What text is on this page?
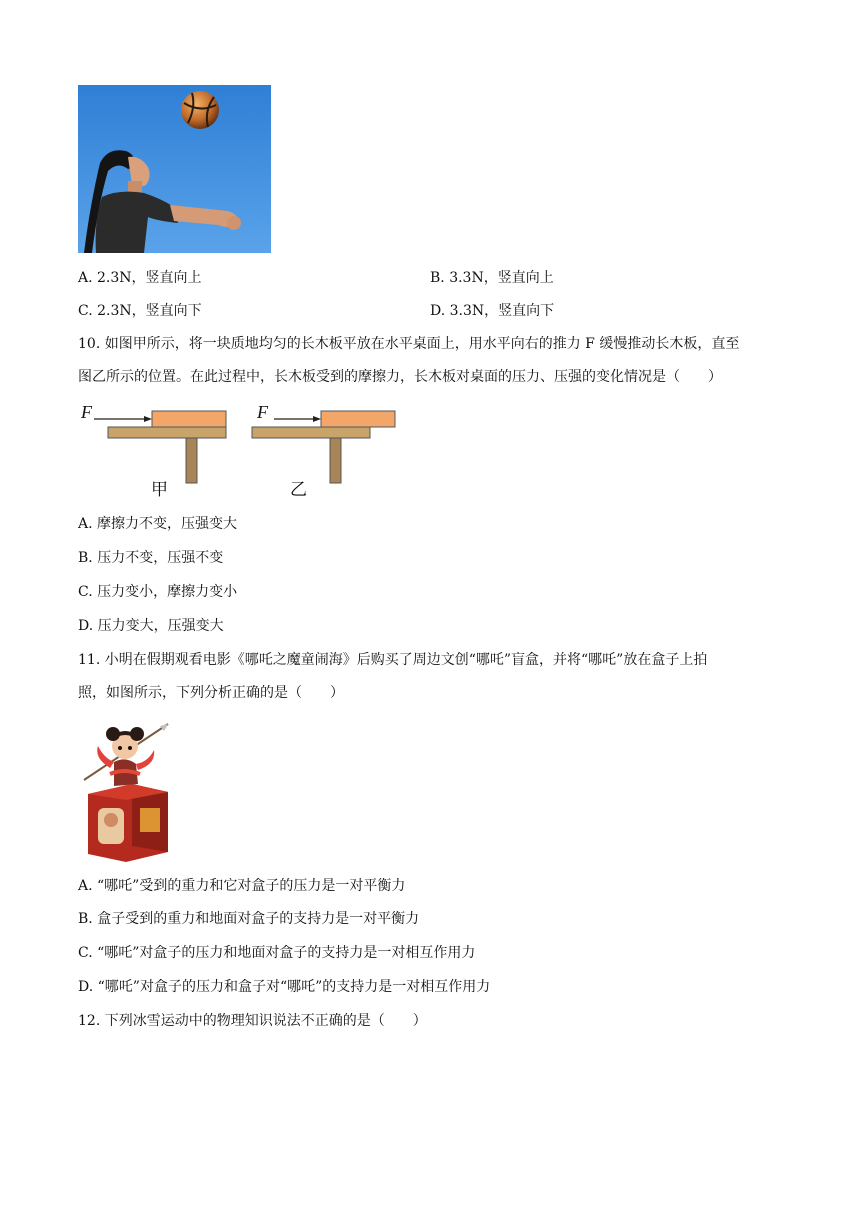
A. 2.3N，竖直向上	B. 3.3N，竖直向上
C. 2.3N，竖直向下	D. 3.3N，竖直向下
10. 如图甲所示，将一块质地均匀的长木板平放在水平桌面上，用水平向右的推力 F 缓慢推动长木板，直至
图乙所示的位置。在此过程中，长木板受到的摩擦力，长木板对桌面的压力、压强的变化情况是（　　）
F	F
甲	乙
A. 摩擦力不变，压强变大
B. 压力不变，压强不变
C. 压力变小，摩擦力变小
D. 压力变大，压强变大
11. 小明在假期观看电影《哪吒之魔童闹海》后购买了周边文创“哪吒”盲盒，并将“哪吒”放在盒子上拍
照，如图所示，下列分析正确的是（　　）
A. “哪吒”受到的重力和它对盒子的压力是一对平衡力
B. 盒子受到的重力和地面对盒子的支持力是一对平衡力
C. “哪吒”对盒子的压力和地面对盒子的支持力是一对相互作用力
D. “哪吒”对盒子的压力和盒子对“哪吒”的支持力是一对相互作用力
12. 下列冰雪运动中的物理知识说法不正确的是（　　）
